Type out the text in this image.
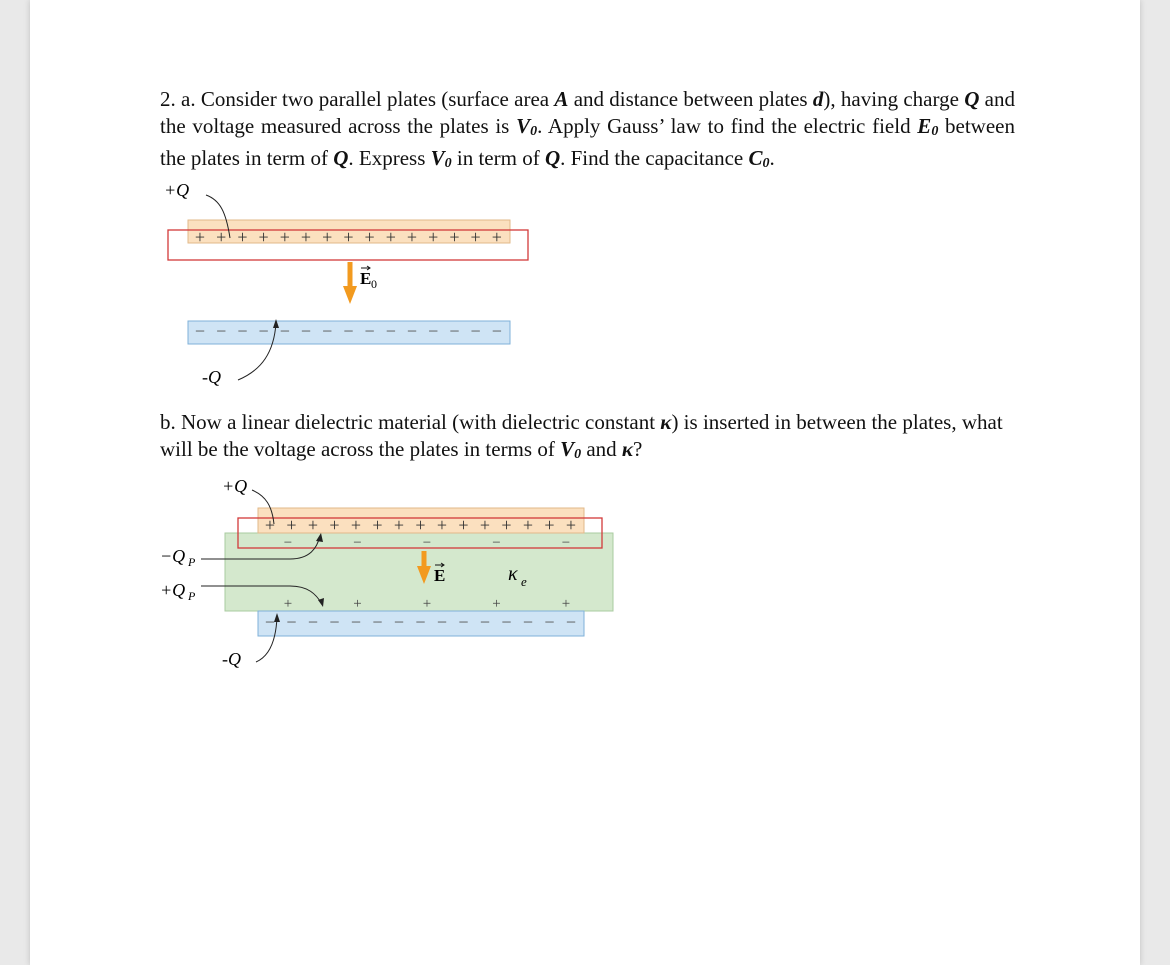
2. a. Consider two parallel plates (surface area A and distance between plates d), having charge Q and the voltage measured across the plates is $V_0$. Apply Gauss’ law to find the electric field $E_0$ between the plates in term of Q. Express $V_0$ in term of Q. Find the capacitance $C_0$.

b. Now a linear dielectric material (with dielectric constant κ) is inserted in between the plates, what will be the voltage across the plates in terms of $V_0$ and κ?

+ + + + + + + + + + + + + + +
− − − − − − − − − − − − − − −
+Q
-Q
E 0
+ + + + + + + + + + + + + + +
− − − − − − − − − − − − − − −
−	−	−	−	−
+	+	+	+	+
+Q
−Q P
+Q P
-Q
E	κ e
